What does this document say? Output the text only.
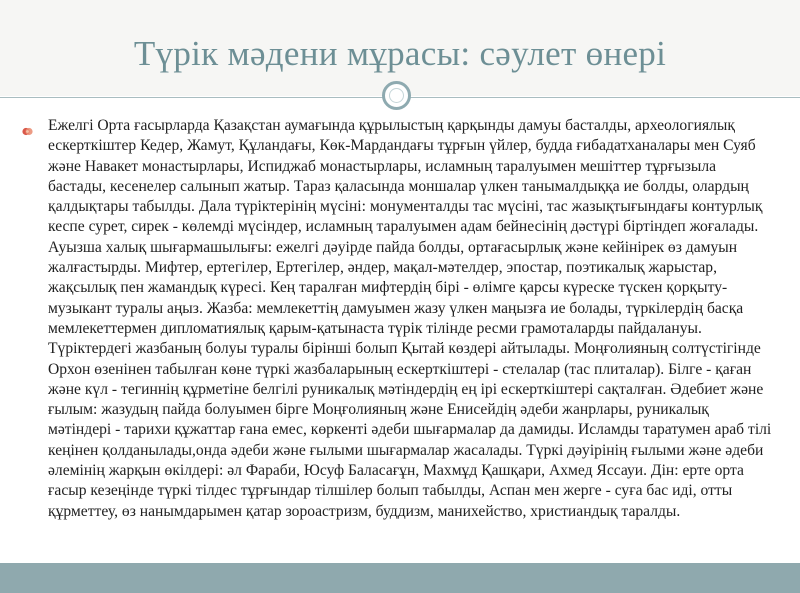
Түрік мәдени мұрасы: сәулет өнері

Ежелгі Орта ғасырларда Қазақстан аумағында құрылыстың қарқынды дамуы басталды, археологиялық ескерткіштер Кедер, Жамут, Құландағы, Көк-Мардандағы тұрғын үйлер, будда ғибадатханалары мен Суяб және Навакет монастырлары, Испиджаб монастырлары, исламның таралуымен мешіттер тұрғызыла бастады, кесенелер салынып жатыр. Тараз қаласында моншалар үлкен танымалдыққа ие болды, олардың қалдықтары табылды. Дала түріктерінің мүсіні: монументалды тас мүсіні, тас жазықтығындағы контурлық кеспе сурет, сирек - көлемді мүсіндер, исламның таралуымен адам бейнесінің дәстүрі біртіндеп жоғалады. Ауызша халық шығармашылығы: ежелгі дәуірде пайда болды, ортағасырлық және кейінірек өз дамуын жалғастырды. Мифтер, ертегілер, Ертегілер, әндер, мақал-мәтелдер, эпостар, поэтикалық жарыстар, жақсылық пен жамандық күресі. Кең таралған мифтердің бірі - өлімге қарсы күреске түскен қорқыту-музыкант туралы аңыз. Жазба: мемлекеттің дамуымен жазу үлкен маңызға ие болады, түркілердің басқа мемлекеттермен дипломатиялық қарым-қатынаста түрік тілінде ресми грамоталарды пайдалануы. Түріктердегі жазбаның болуы туралы бірінші болып Қытай көздері айтылады. Моңғолияның солтүстігінде Орхон өзенінен табылған көне түркі жазбаларының ескерткіштері - стелалар (тас плиталар). Білге - қаған және күл - тегиннің құрметіне белгілі руникалық мәтіндердің ең ірі ескерткіштері сақталған. Әдебиет және ғылым: жазудың пайда болуымен бірге Моңғолияның және Енисейдің әдеби жанрлары, руникалық мәтіндері - тарихи құжаттар ғана емес, көркенті әдеби шығармалар да дамиды. Исламды таратумен араб тілі кеңінен қолданылады,онда әдеби және ғылыми шығармалар жасалады. Түркі дәуірінің ғылыми және әдеби әлемінің жарқын өкілдері: әл Фараби, Юсуф Баласағұн, Махмұд Қашқари, Ахмед Яссауи. Дін: ерте орта ғасыр кезеңінде түркі тілдес тұрғындар тілшілер болып табылды, Аспан мен жерге - суға бас иді, отты құрметтеу, өз нанымдарымен қатар зороастризм, буддизм, манихейство, христиандық таралды.
